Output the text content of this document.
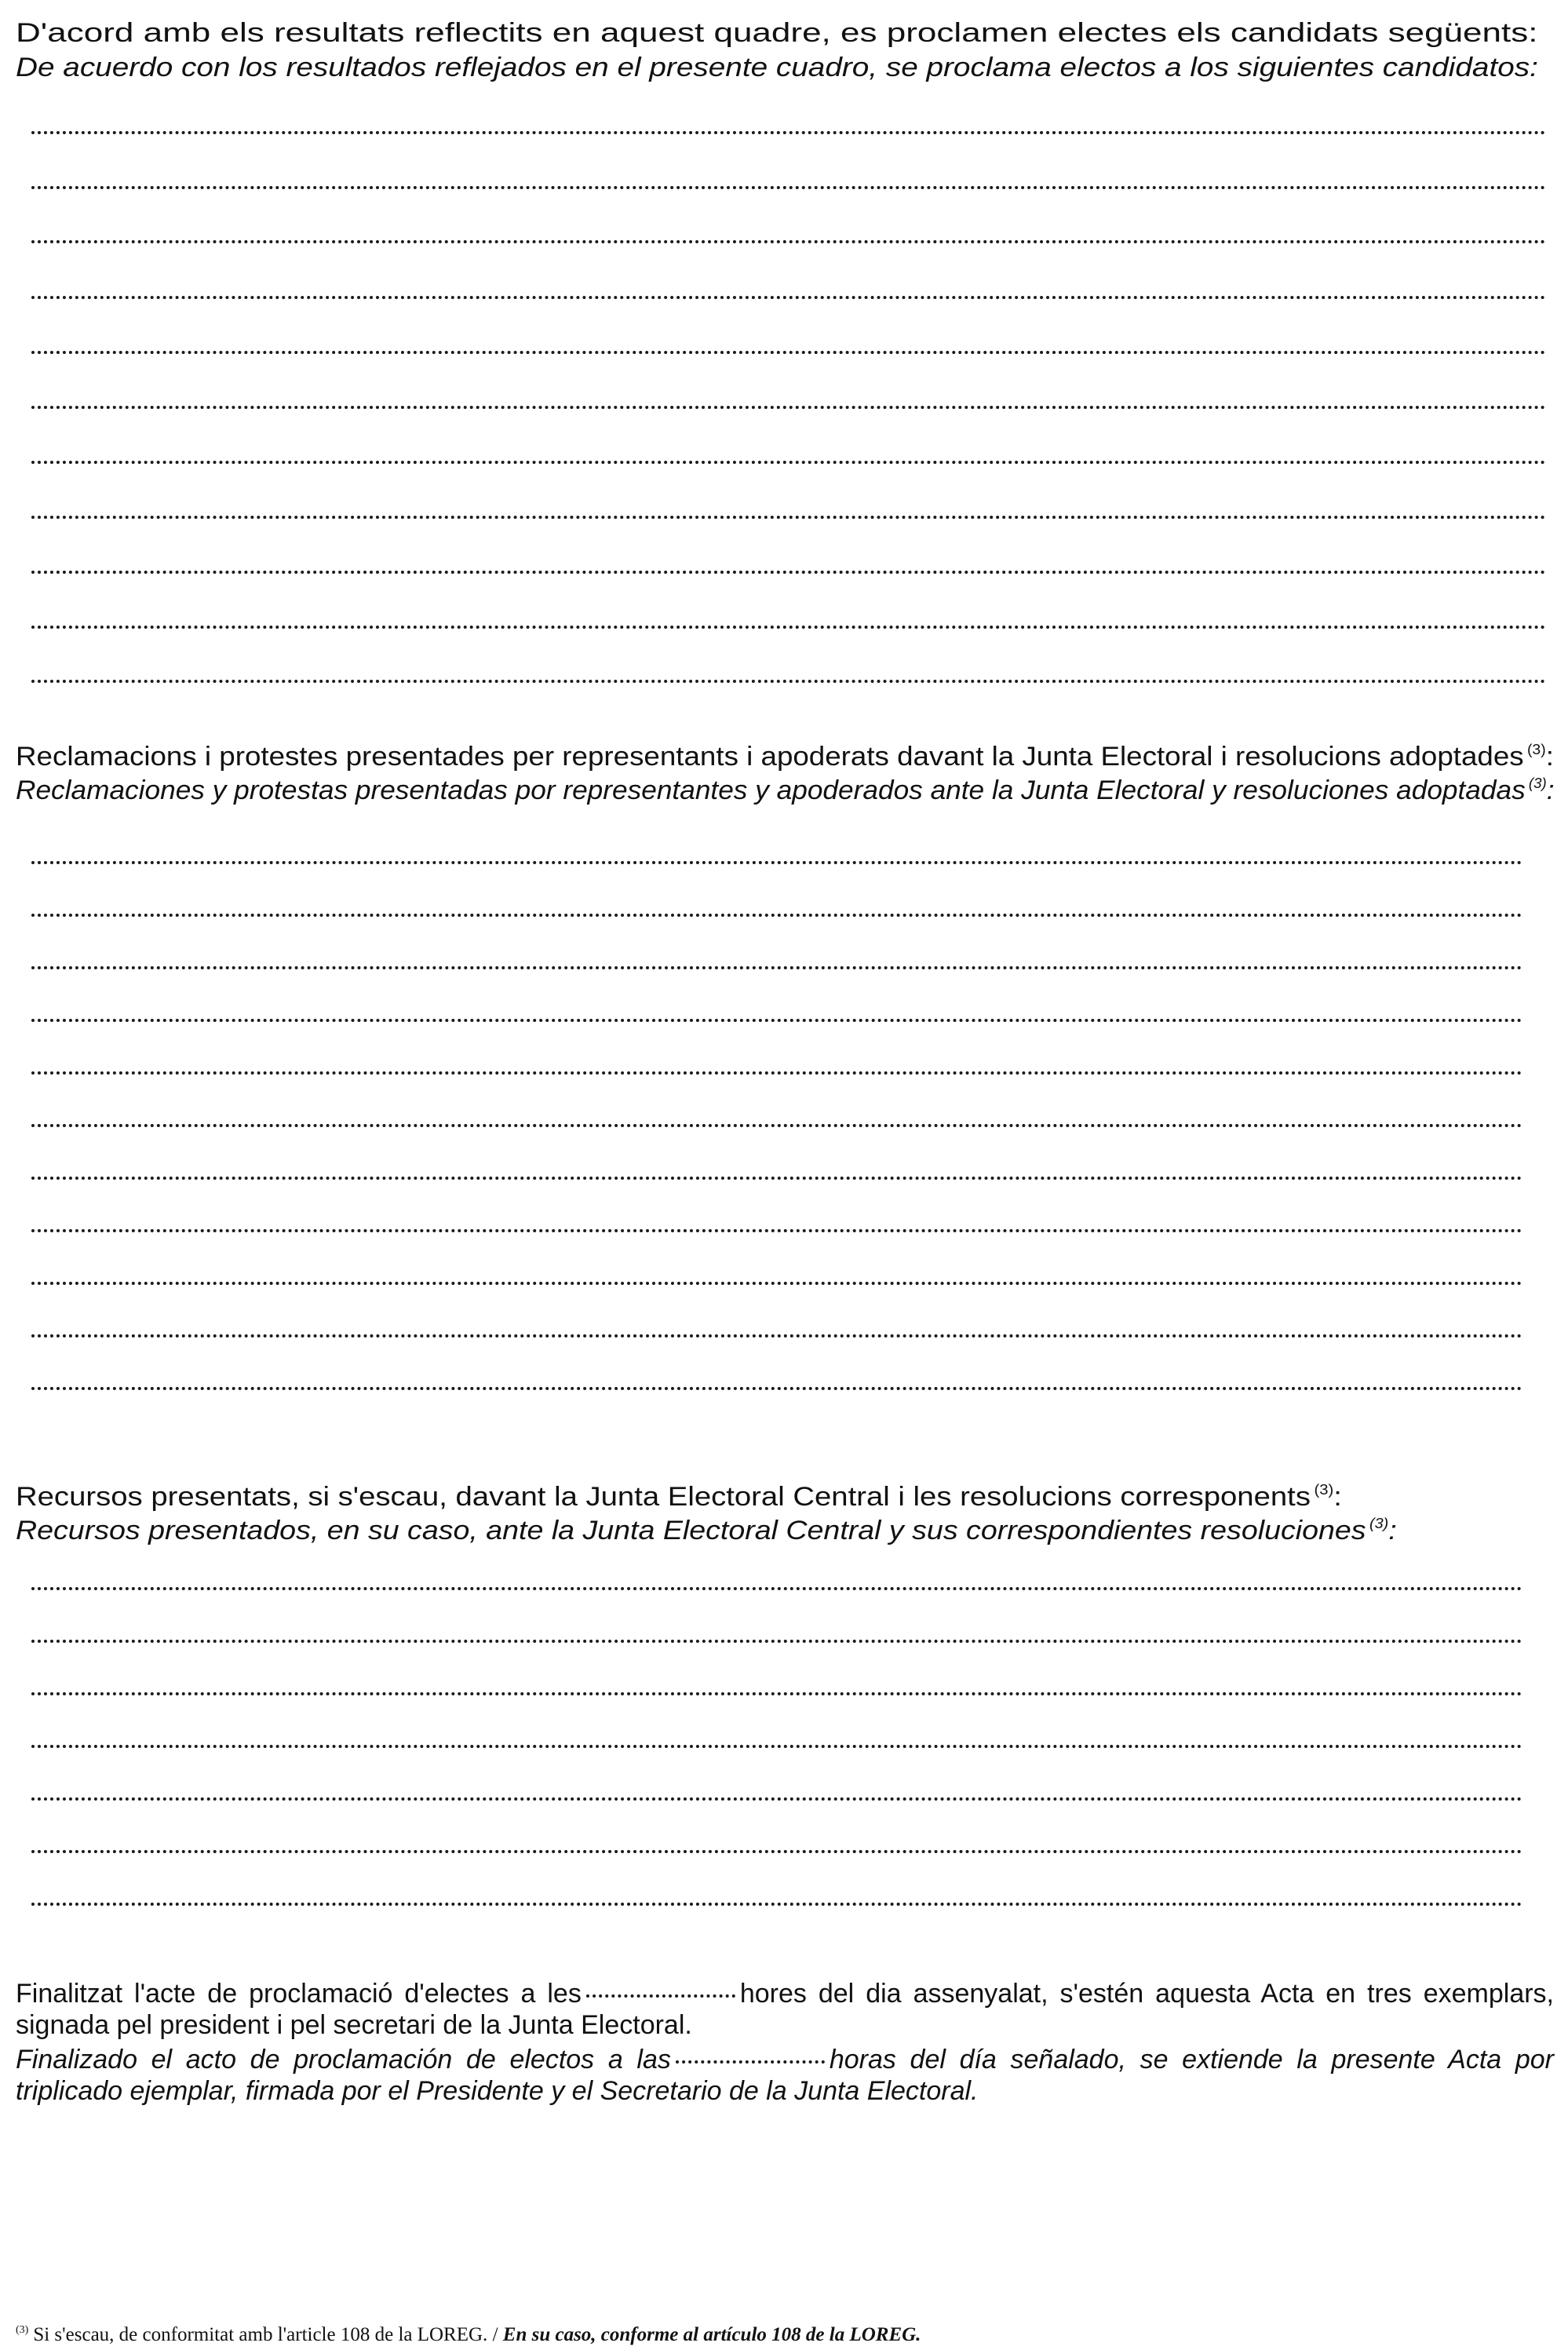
D'acord amb els resultats reflectits en aquest quadre, es proclamen electes els candidats següents:
De acuerdo con los resultados reflejados en el presente cuadro, se proclama electos a los siguientes candidatos:
Reclamacions i protestes presentades per representants i apoderats davant la Junta Electoral i resolucions adoptades $^{(3)}$:
Reclamaciones y protestas presentadas por representantes y apoderados ante la Junta Electoral y resoluciones adoptadas $^{(3)}$:
Recursos presentats, si s'escau, davant la Junta Electoral Central i les resolucions corresponents $^{(3)}$:
Recursos presentados, en su caso, ante la Junta Electoral Central y sus correspondientes resoluciones $^{(3)}$:
Finalitzat l'acte de proclamació d'electes a les	hores del dia assenyalat, s'estén aquesta Acta en tres exemplars, signada pel president i pel secretari de la Junta Electoral.
Finalizado el acto de proclamación de electos a las	horas del día señalado, se extiende la presente Acta por triplicado ejemplar, firmada por el Presidente y el Secretario de la Junta Electoral.
$^{(3)}$ Si s'escau, de conformitat amb l'article 108 de la LOREG. / En su caso, conforme al artículo 108 de la LOREG.
